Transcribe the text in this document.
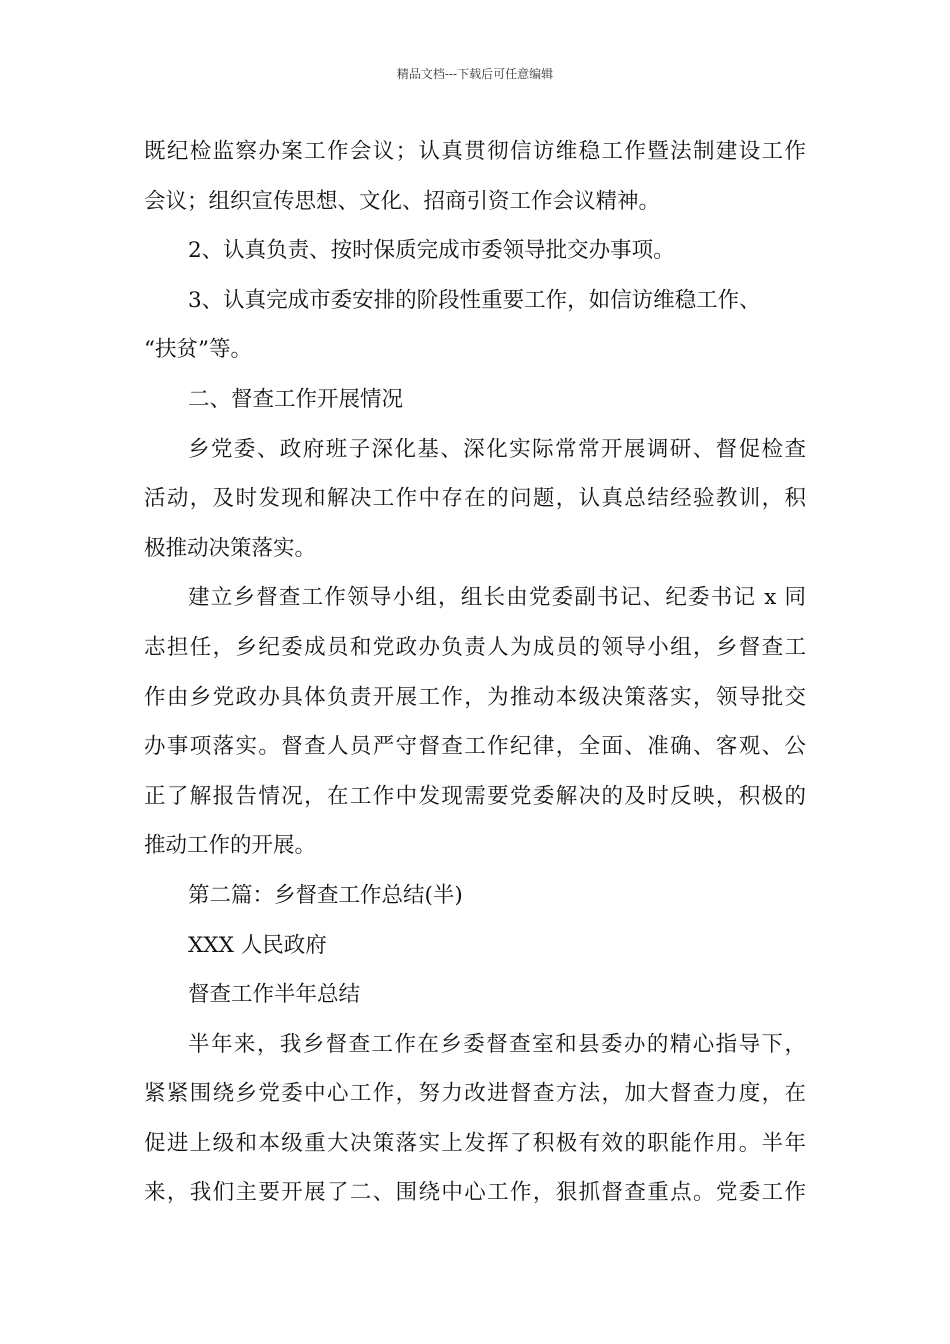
精品文档---下载后可任意编辑
既纪检监察办案工作会议；认真贯彻信访维稳工作暨法制建设工作
会议；组织宣传思想、文化、招商引资工作会议精神。
2、认真负责、按时保质完成市委领导批交办事项。
3、认真完成市委安排的阶段性重要工作，如信访维稳工作、
“扶贫”等。
二、督查工作开展情况
乡党委、政府班子深化基、深化实际常常开展调研、督促检查
活动，及时发现和解决工作中存在的问题，认真总结经验教训，积
极推动决策落实。
建立乡督查工作领导小组，组长由党委副书记、纪委书记 x 同
志担任，乡纪委成员和党政办负责人为成员的领导小组，乡督查工
作由乡党政办具体负责开展工作，为推动本级决策落实，领导批交
办事项落实。督查人员严守督查工作纪律，全面、准确、客观、公
正了解报告情况，在工作中发现需要党委解决的及时反映，积极的
推动工作的开展。
第二篇：乡督查工作总结(半)
XXX 人民政府
督查工作半年总结
半年来，我乡督查工作在乡委督查室和县委办的精心指导下，
紧紧围绕乡党委中心工作，努力改进督查方法，加大督查力度，在
促进上级和本级重大决策落实上发挥了积极有效的职能作用。半年
来，我们主要开展了二、围绕中心工作，狠抓督查重点。党委工作
